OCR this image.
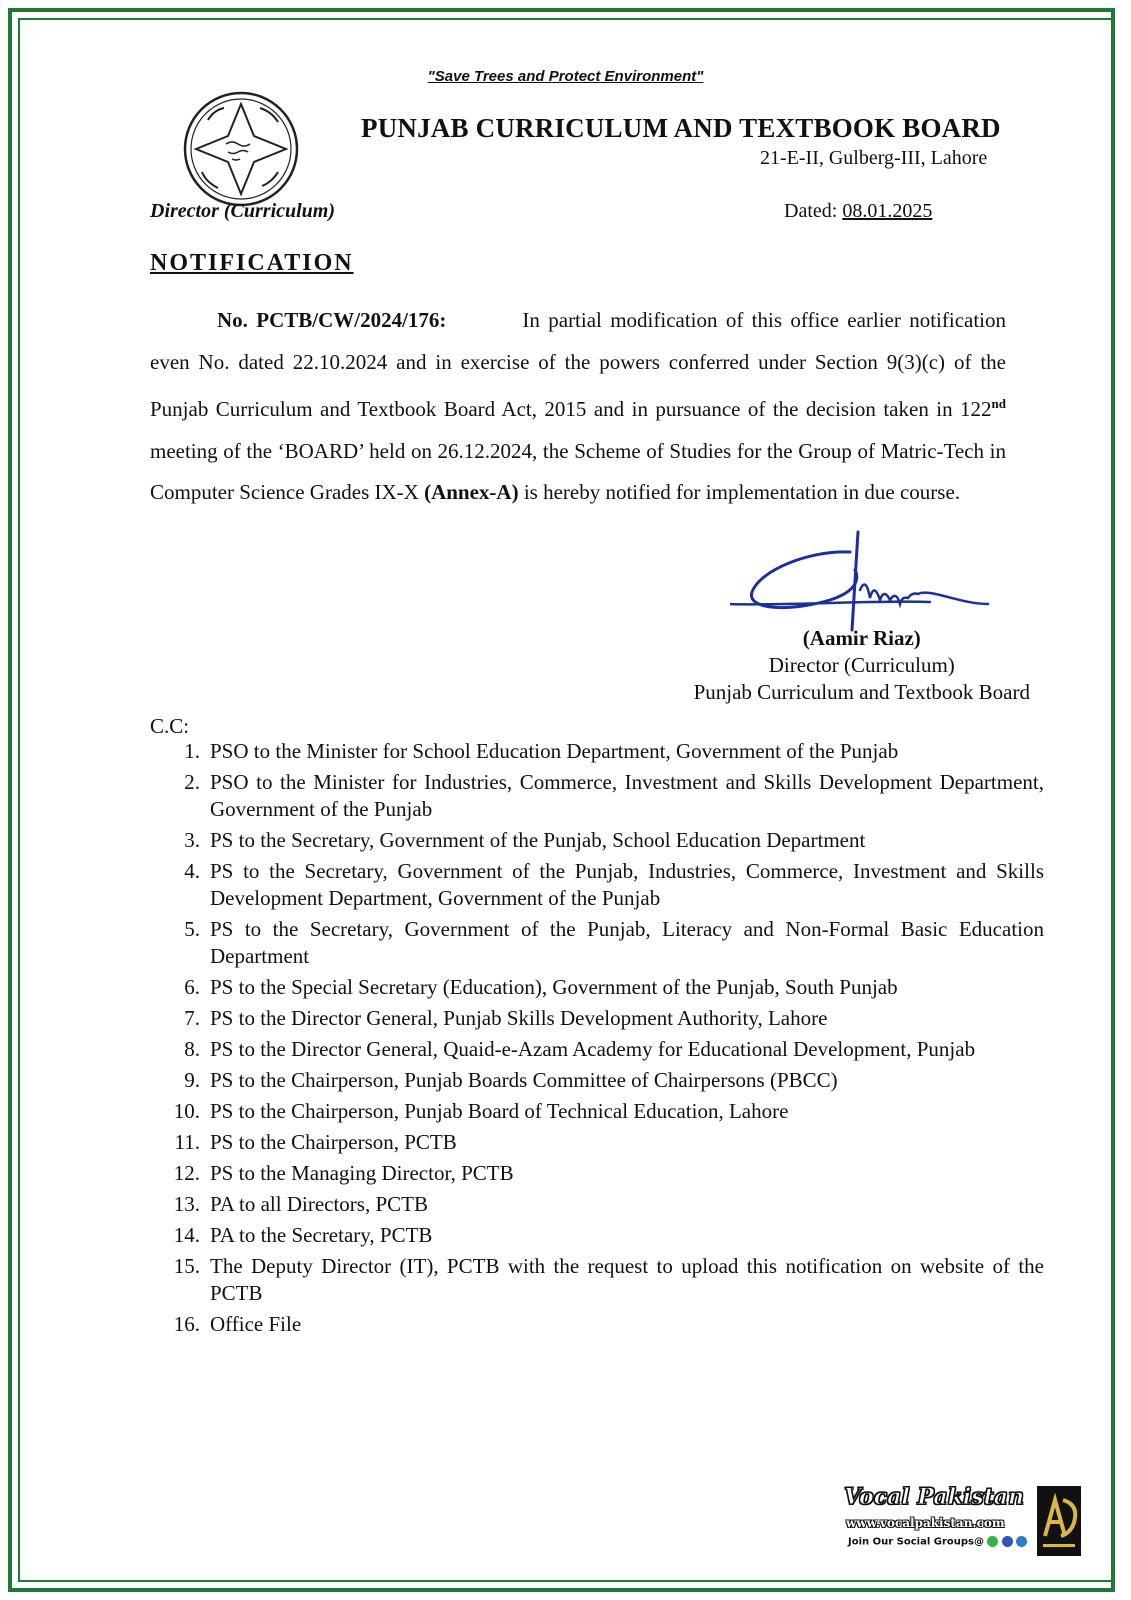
"Save Trees and Protect Environment"
PUNJAB CURRICULUM AND TEXTBOOK BOARD
21-E-II, Gulberg-III, Lahore
Director (Curriculum)	Dated: 08.01.2025
NOTIFICATION
No. PCTB/CW/2024/176:	In partial modification of this office earlier notification even No. dated 22.10.2024 and in exercise of the powers conferred under Section 9(3)(c) of the Punjab Curriculum and Textbook Board Act, 2015 and in pursuance of the decision taken in 122nd meeting of the ‘BOARD’ held on 26.12.2024, the Scheme of Studies for the Group of Matric-Tech in Computer Science Grades IX-X (Annex-A) is hereby notified for implementation in due course.
(Aamir Riaz)
Director (Curriculum)
Punjab Curriculum and Textbook Board
C.C:
1. PSO to the Minister for School Education Department, Government of the Punjab
2. PSO to the Minister for Industries, Commerce, Investment and Skills Development Department, Government of the Punjab
3. PS to the Secretary, Government of the Punjab, School Education Department
4. PS to the Secretary, Government of the Punjab, Industries, Commerce, Investment and Skills Development Department, Government of the Punjab
5. PS to the Secretary, Government of the Punjab, Literacy and Non-Formal Basic Education Department
6. PS to the Special Secretary (Education), Government of the Punjab, South Punjab
7. PS to the Director General, Punjab Skills Development Authority, Lahore
8. PS to the Director General, Quaid-e-Azam Academy for Educational Development, Punjab
9. PS to the Chairperson, Punjab Boards Committee of Chairpersons (PBCC)
10. PS to the Chairperson, Punjab Board of Technical Education, Lahore
11. PS to the Chairperson, PCTB
12. PS to the Managing Director, PCTB
13. PA to all Directors, PCTB
14. PA to the Secretary, PCTB
15. The Deputy Director (IT), PCTB with the request to upload this notification on website of the PCTB
16. Office File
Vocal Pakistan
www.vocalpakistan.com
Join Our Social Groups@
